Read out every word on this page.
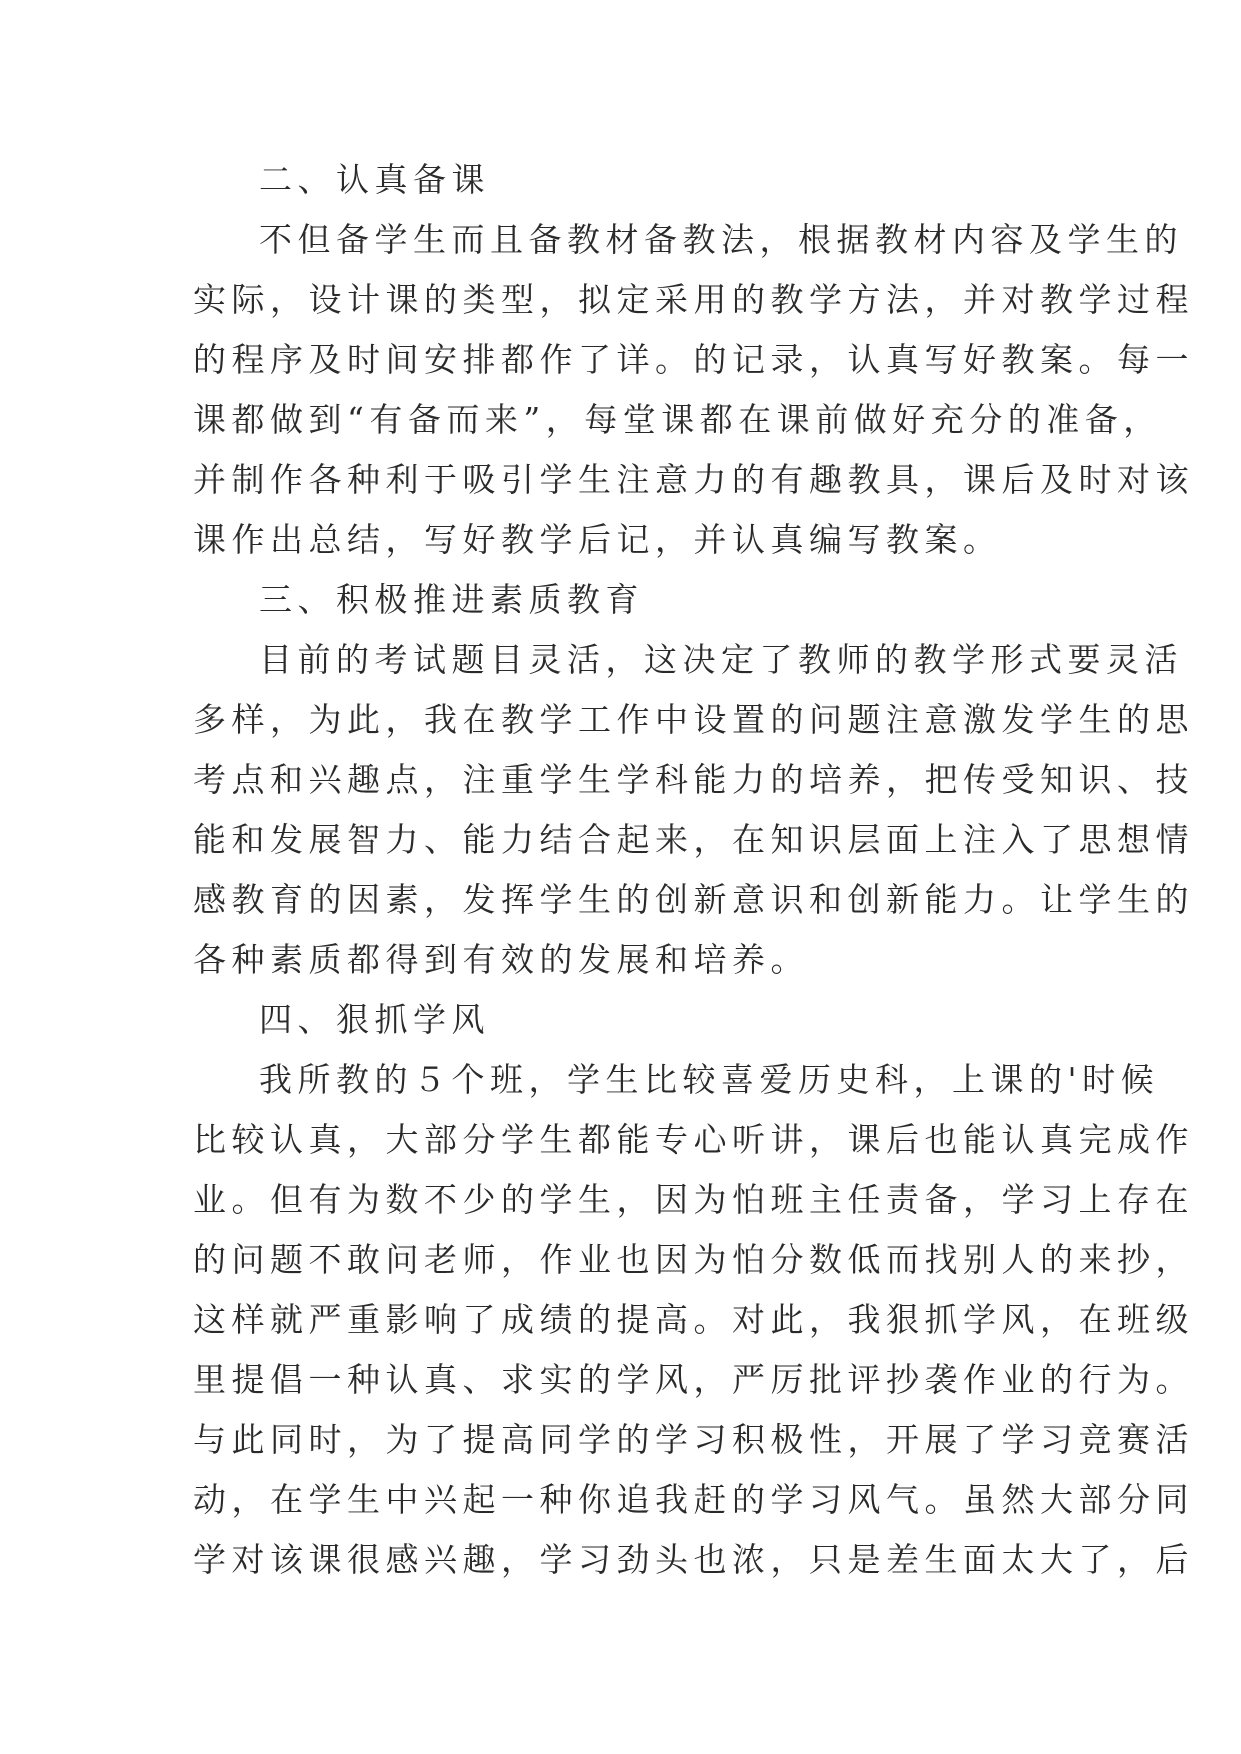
二、认真备课
不但备学生而且备教材备教法，根据教材内容及学生的
实际，设计课的类型，拟定采用的教学方法，并对教学过程
的程序及时间安排都作了详。的记录，认真写好教案。每一
课都做到“有备而来”，每堂课都在课前做好充分的准备，
并制作各种利于吸引学生注意力的有趣教具，课后及时对该
课作出总结，写好教学后记，并认真编写教案。
三、积极推进素质教育
目前的考试题目灵活，这决定了教师的教学形式要灵活
多样，为此，我在教学工作中设置的问题注意激发学生的思
考点和兴趣点，注重学生学科能力的培养，把传受知识、技
能和发展智力、能力结合起来，在知识层面上注入了思想情
感教育的因素，发挥学生的创新意识和创新能力。让学生的
各种素质都得到有效的发展和培养。
四、狠抓学风
我所教的５个班，学生比较喜爱历史科，上课的'时候
比较认真，大部分学生都能专心听讲，课后也能认真完成作
业。但有为数不少的学生，因为怕班主任责备，学习上存在
的问题不敢问老师，作业也因为怕分数低而找别人的来抄，
这样就严重影响了成绩的提高。对此，我狠抓学风，在班级
里提倡一种认真、求实的学风，严厉批评抄袭作业的行为。
与此同时，为了提高同学的学习积极性，开展了学习竞赛活
动，在学生中兴起一种你追我赶的学习风气。虽然大部分同
学对该课很感兴趣，学习劲头也浓，只是差生面太大了，后
